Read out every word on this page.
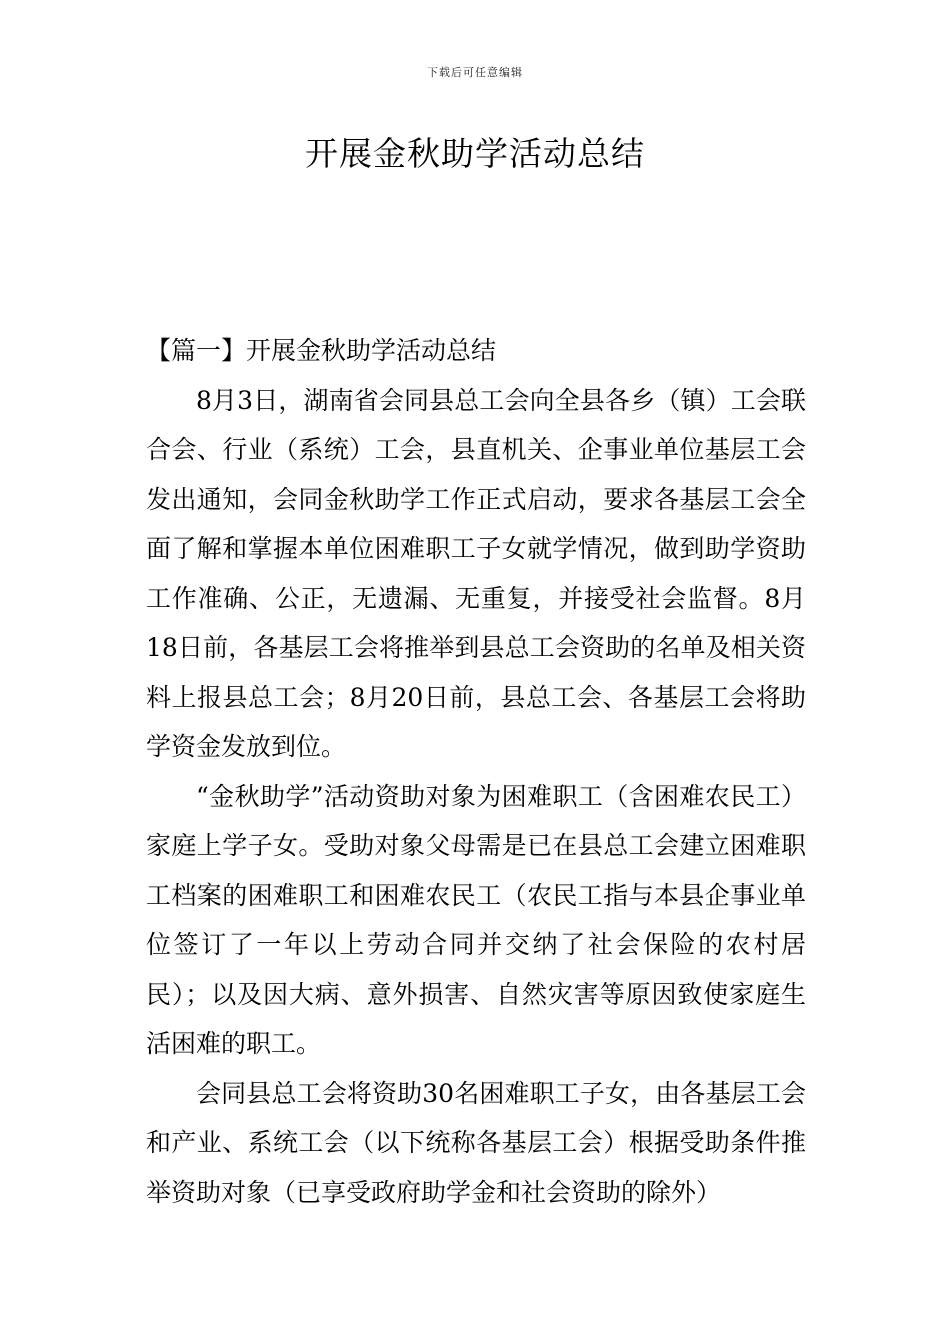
下载后可任意编辑
开展金秋助学活动总结

【篇一】开展金秋助学活动总结

8月3日，湖南省会同县总工会向全县各乡（镇）工会联合会、行业（系统）工会，县直机关、企事业单位基层工会发出通知，会同金秋助学工作正式启动，要求各基层工会全面了解和掌握本单位困难职工子女就学情况，做到助学资助工作准确、公正，无遗漏、无重复，并接受社会监督。8月18日前，各基层工会将推举到县总工会资助的名单及相关资料上报县总工会；8月20日前，县总工会、各基层工会将助学资金发放到位。

“金秋助学”活动资助对象为困难职工（含困难农民工）家庭上学子女。受助对象父母需是已在县总工会建立困难职工档案的困难职工和困难农民工（农民工指与本县企事业单位签订了一年以上劳动合同并交纳了社会保险的农村居民）；以及因大病、意外损害、自然灾害等原因致使家庭生活困难的职工。

会同县总工会将资助30名困难职工子女，由各基层工会和产业、系统工会（以下统称各基层工会）根据受助条件推举资助对象（已享受政府助学金和社会资助的除外）
